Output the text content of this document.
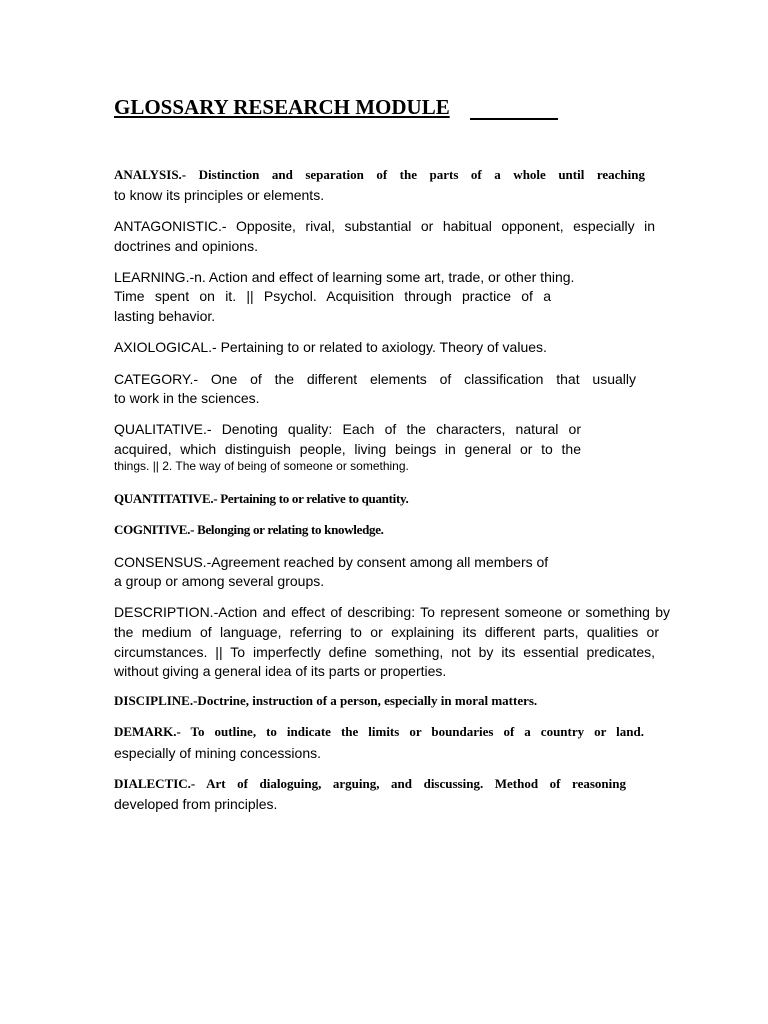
GLOSSARY RESEARCH MODULE
ANALYSIS.- Distinction and separation of the parts of a whole until reaching
to know its principles or elements.
ANTAGONISTIC.- Opposite, rival, substantial or habitual opponent, especially in
doctrines and opinions.
LEARNING.-n. Action and effect of learning some art, trade, or other thing.
Time spent on it. || Psychol. Acquisition through practice of a
lasting behavior.
AXIOLOGICAL.- Pertaining to or related to axiology. Theory of values.
CATEGORY.- One of the different elements of classification that usually
to work in the sciences.
QUALITATIVE.- Denoting quality: Each of the characters, natural or
acquired, which distinguish people, living beings in general or to the
things. || 2. The way of being of someone or something.
QUANTITATIVE.- Pertaining to or relative to quantity.
COGNITIVE.- Belonging or relating to knowledge.
CONSENSUS.-Agreement reached by consent among all members of
a group or among several groups.
DESCRIPTION.-Action and effect of describing: To represent someone or something by
the medium of language, referring to or explaining its different parts, qualities or
circumstances. || To imperfectly define something, not by its essential predicates,
without giving a general idea of its parts or properties.
DISCIPLINE.-Doctrine, instruction of a person, especially in moral matters.
DEMARK.- To outline, to indicate the limits or boundaries of a country or land.
especially of mining concessions.
DIALECTIC.- Art of dialoguing, arguing, and discussing. Method of reasoning
developed from principles.
